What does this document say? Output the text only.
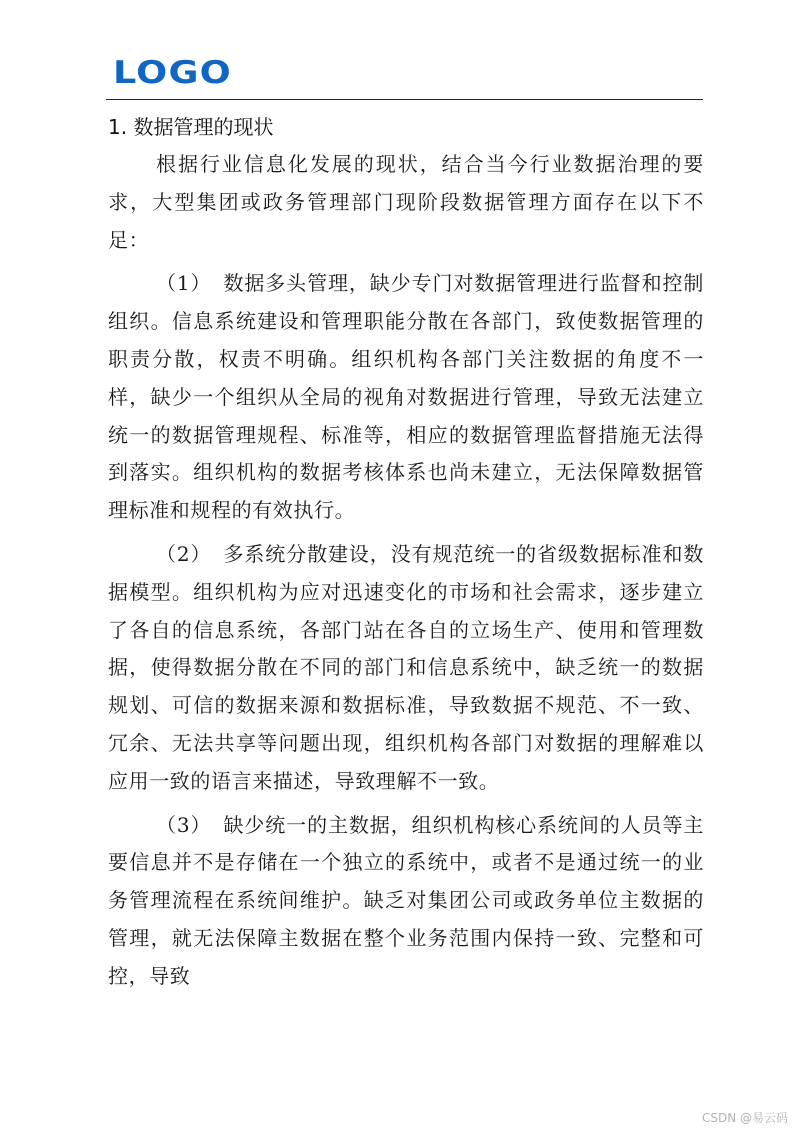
LOGO
1. 数据管理的现状

根据行业信息化发展的现状，结合当今行业数据治理的要求，大型集团或政务管理部门现阶段数据管理方面存在以下不足：

（1） 数据多头管理，缺少专门对数据管理进行监督和控制组织。信息系统建设和管理职能分散在各部门，致使数据管理的职责分散，权责不明确。组织机构各部门关注数据的角度不一样，缺少一个组织从全局的视角对数据进行管理，导致无法建立统一的数据管理规程、标准等，相应的数据管理监督措施无法得到落实。组织机构的数据考核体系也尚未建立，无法保障数据管理标准和规程的有效执行。

（2） 多系统分散建设，没有规范统一的省级数据标准和数据模型。组织机构为应对迅速变化的市场和社会需求，逐步建立了各自的信息系统，各部门站在各自的立场生产、使用和管理数据，使得数据分散在不同的部门和信息系统中，缺乏统一的数据规划、可信的数据来源和数据标准，导致数据不规范、不一致、冗余、无法共享等问题出现，组织机构各部门对数据的理解难以应用一致的语言来描述，导致理解不一致。

（3） 缺少统一的主数据，组织机构核心系统间的人员等主要信息并不是存储在一个独立的系统中，或者不是通过统一的业务管理流程在系统间维护。缺乏对集团公司或政务单位主数据的管理，就无法保障主数据在整个业务范围内保持一致、完整和可控，导致

CSDN @易云码
